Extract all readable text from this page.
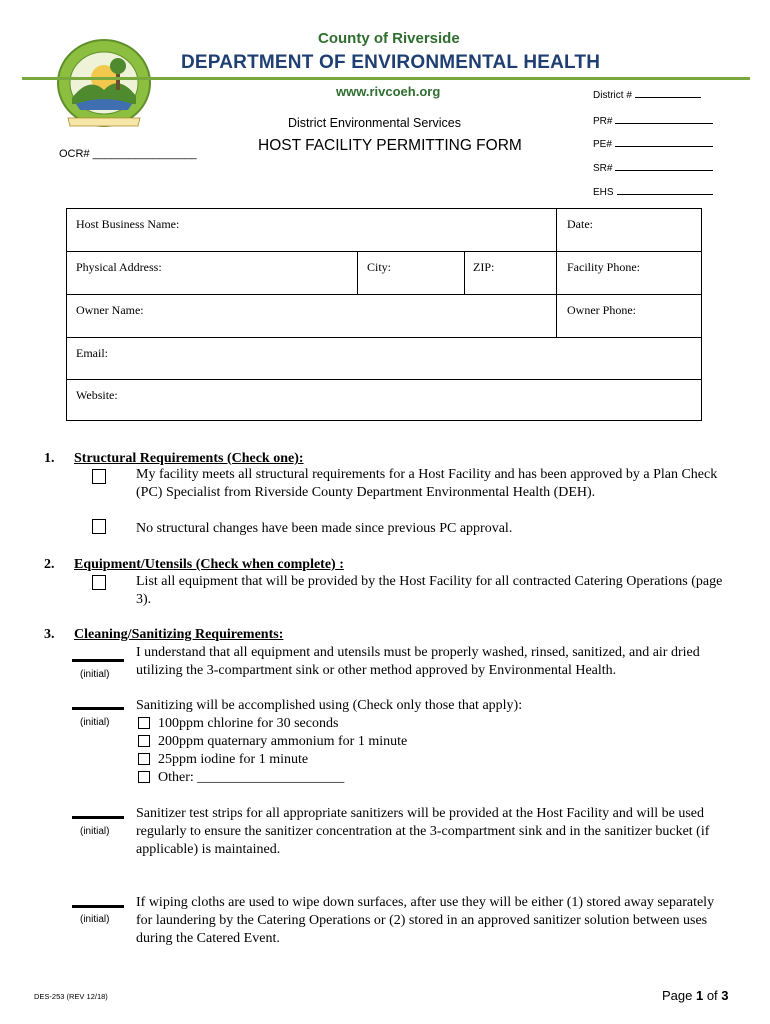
County of Riverside
DEPARTMENT OF ENVIRONMENTAL HEALTH
www.rivcoeh.org
District Environmental Services
HOST FACILITY PERMITTING FORM
OCR# _________________
District #
PR#
PE#
SR#
EHS
Host Business Name:	Date:
Physical Address:	City:	ZIP:	Facility Phone:
Owner Name:	Owner Phone:
Email:
Website:
1. Structural Requirements (Check one):
My facility meets all structural requirements for a Host Facility and has been approved by a Plan Check (PC) Specialist from Riverside County Department Environmental Health (DEH).
No structural changes have been made since previous PC approval.
2. Equipment/Utensils (Check when complete) :
List all equipment that will be provided by the Host Facility for all contracted Catering Operations (page 3).
3. Cleaning/Sanitizing Requirements:
(initial)
I understand that all equipment and utensils must be properly washed, rinsed, sanitized, and air dried utilizing the 3-compartment sink or other method approved by Environmental Health.
(initial)
Sanitizing will be accomplished using (Check only those that apply):
100ppm chlorine for 30 seconds
200ppm quaternary ammonium for 1 minute
25ppm iodine for 1 minute
Other: _____________________
(initial)
Sanitizer test strips for all appropriate sanitizers will be provided at the Host Facility and will be used regularly to ensure the sanitizer concentration at the 3-compartment sink and in the sanitizer bucket (if applicable) is maintained.
(initial)
If wiping cloths are used to wipe down surfaces, after use they will be either (1) stored away separately for laundering by the Catering Operations or (2) stored in an approved sanitizer solution between uses during the Catered Event.
DES-253 (REV 12/18)	Page 1 of 3
